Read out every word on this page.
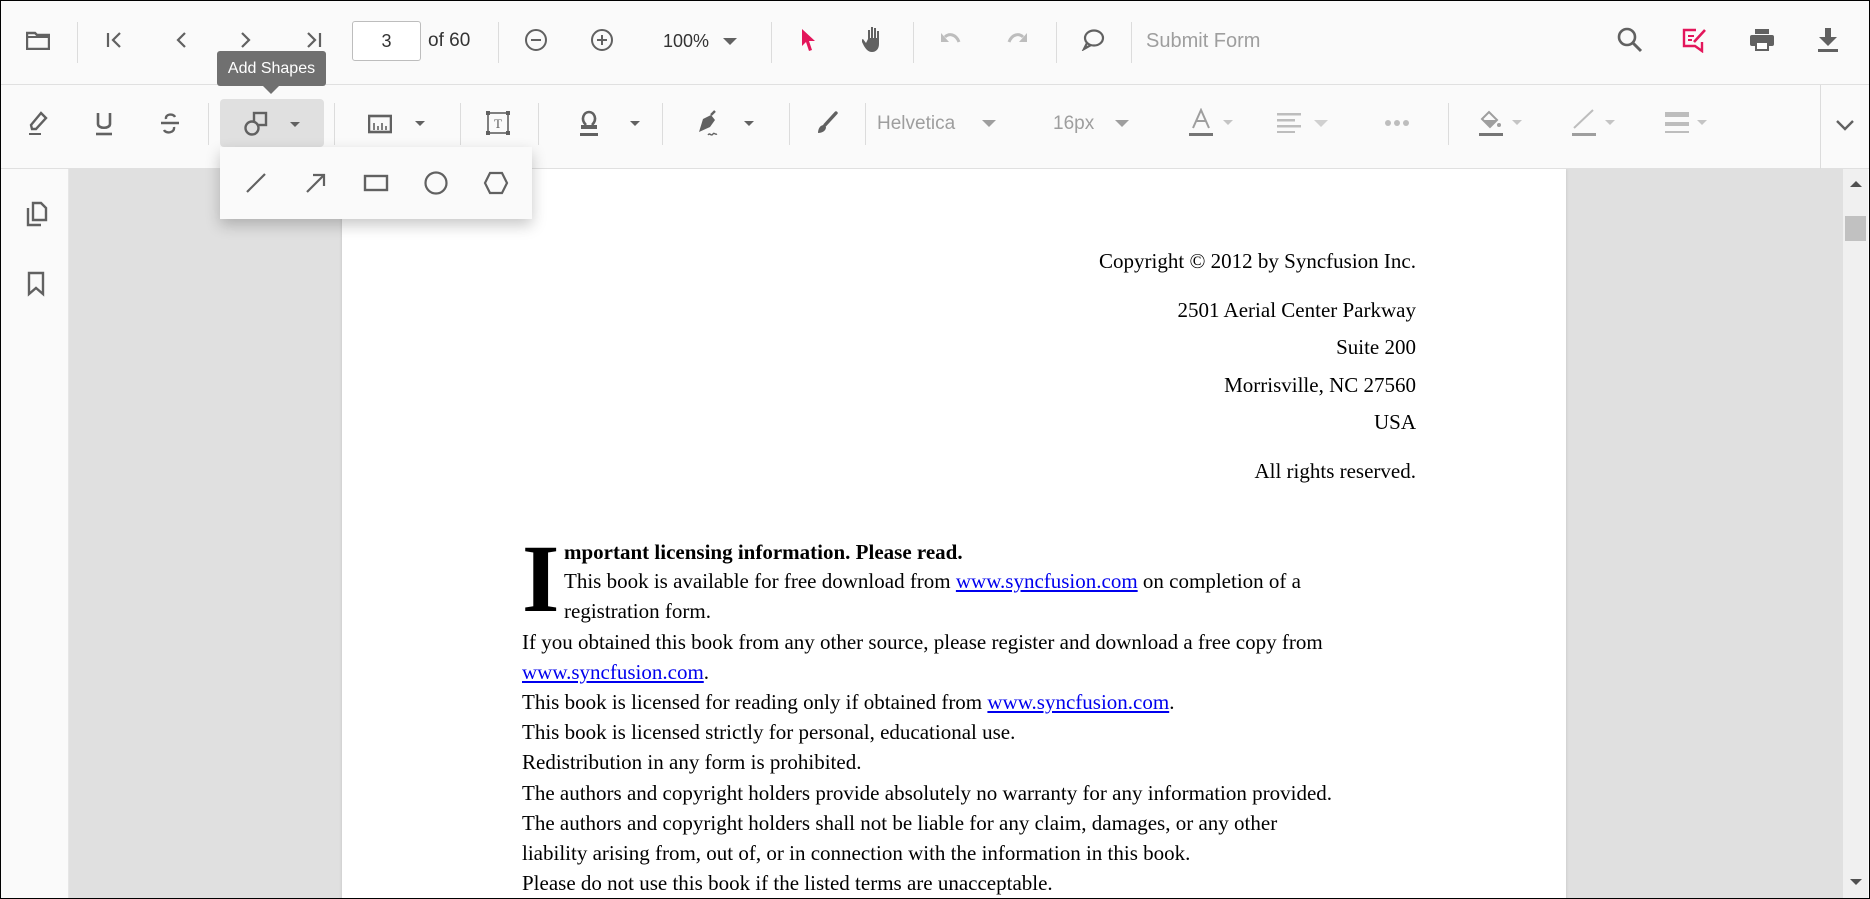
3
of 60	100%	Submit Form
T	Helvetica	16px
Copyright © 2012 by Syncfusion Inc.
2501 Aerial Center Parkway
Suite 200
Morrisville, NC 27560
USA
All rights reserved.
I mportant licensing information. Please read.
This book is available for free download from www.syncfusion.com on completion of a
registration form.
If you obtained this book from any other source, please register and download a free copy from
www.syncfusion.com.
This book is licensed for reading only if obtained from www.syncfusion.com.
This book is licensed strictly for personal, educational use.
Redistribution in any form is prohibited.
The authors and copyright holders provide absolutely no warranty for any information provided.
The authors and copyright holders shall not be liable for any claim, damages, or any other
liability arising from, out of, or in connection with the information in this book.
Please do not use this book if the listed terms are unacceptable.
Add Shapes
